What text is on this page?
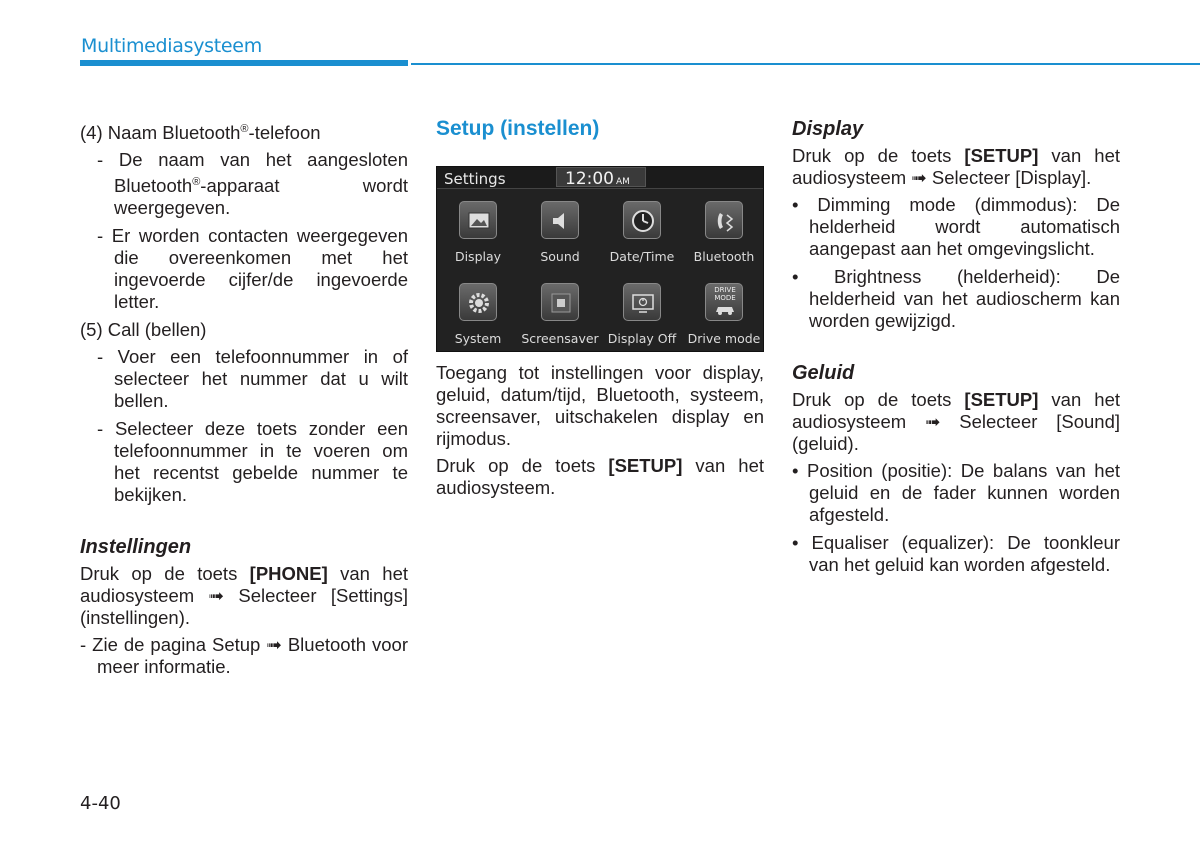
Multimediasysteem

(4) Naam Bluetooth®-telefoon

- De naam van het aangesloten Bluetooth®-apparaat wordt weergegeven.

- Er worden contacten weergegeven die overeenkomen met het ingevoerde cijfer/de ingevoerde letter.

(5) Call (bellen)

- Voer een telefoonnummer in of selecteer het nummer dat u wilt bellen.

- Selecteer deze toets zonder een telefoonnummer in te voeren om het recentst gebelde nummer te bekijken.

Instellingen

Druk op de toets [PHONE] van het audiosysteem ➟ Selecteer [Settings] (instellingen).

- Zie de pagina Setup ➟ Bluetooth voor meer informatie.

Setup (instellen)
Settings	12:00 AM
Display	Sound	Date/Time	Bluetooth
System	Screensaver Display Off
DRIVE MODE
Drive mode

Toegang tot instellingen voor display, geluid, datum/tijd, Bluetooth, systeem, screensaver, uitschakelen display en rijmodus.

Druk op de toets [SETUP] van het audiosysteem.

Display

Druk op de toets [SETUP] van het audiosysteem ➟ Selecteer [Display].

• Dimming mode (dimmodus): De helderheid wordt automatisch aangepast aan het omgevingslicht.

• Brightness (helderheid): De helderheid van het audioscherm kan worden gewijzigd.

Geluid

Druk op de toets [SETUP] van het audiosysteem ➟ Selecteer [Sound] (geluid).

• Position (positie): De balans van het geluid en de fader kunnen worden afgesteld.

• Equaliser (equalizer): De toonkleur van het geluid kan worden afgesteld.

4-40
